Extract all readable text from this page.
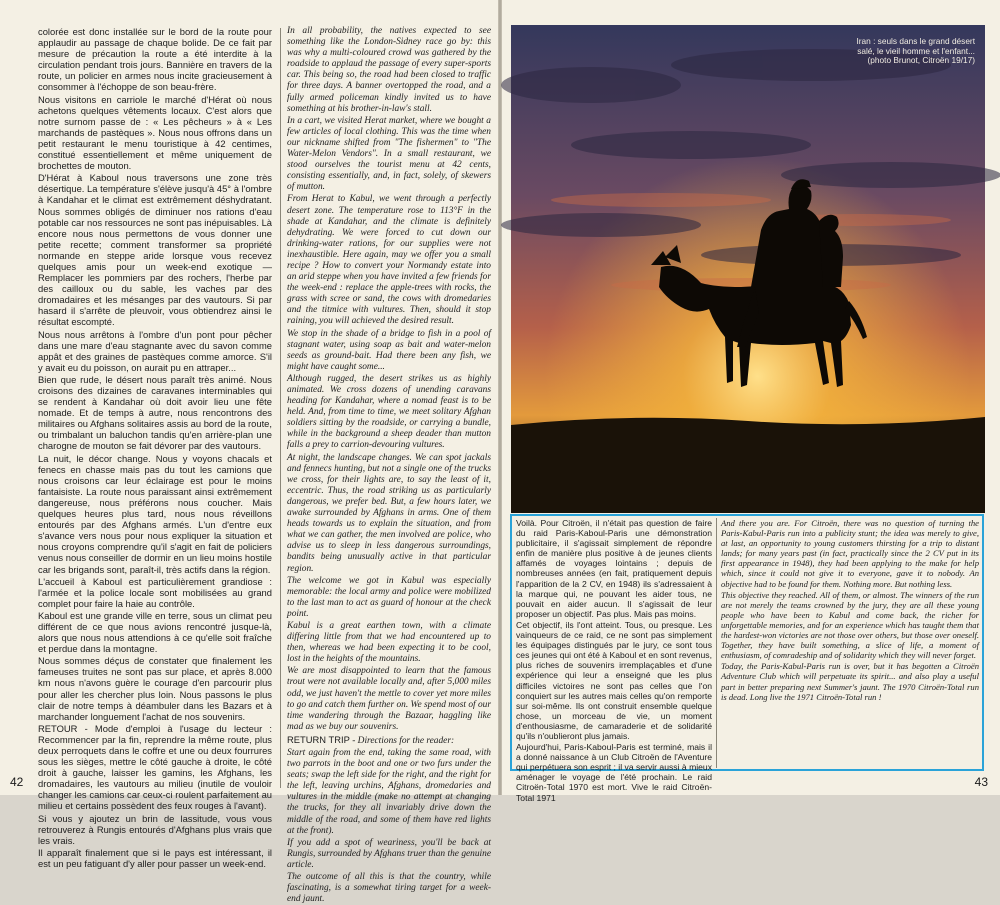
colorée est donc installée sur le bord de la route pour applaudir au passage de chaque bolide. De ce fait par mesure de précaution la route a été interdite à la circulation pendant trois jours. Bannière en travers de la route, un policier en armes nous incite gracieusement à consommer à l'échoppe de son beau-frère.

Nous visitons en carriole le marché d'Hérat où nous achetons quelques vêtements locaux. C'est alors que notre surnom passe de : « Les pêcheurs » à « Les marchands de pastèques ». Nous nous offrons dans un petit restaurant le menu touristique à 42 centimes, constitué essentiellement et même uniquement de brochettes de mouton.

D'Hérat à Kaboul nous traversons une zone très désertique. La température s'élève jusqu'à 45° à l'ombre à Kandahar et le climat est extrêmement déshydratant. Nous sommes obligés de diminuer nos rations d'eau potable car nos ressources ne sont pas inépuisables. Là encore nous nous permettons de vous donner une petite recette; comment transformer sa propriété normande en steppe aride lorsque vous recevez quelques amis pour un week-end exotique — Remplacer les pommiers par des rochers, l'herbe par des cailloux ou du sable, les vaches par des dromadaires et les mésanges par des vautours. Si par hasard il s'arrête de pleuvoir, vous obtiendrez ainsi le résultat escompté.

Nous nous arrêtons à l'ombre d'un pont pour pêcher dans une mare d'eau stagnante avec du savon comme appât et des graines de pastèques comme amorce. S'il y avait eu du poisson, on aurait pu en attraper...

Bien que rude, le désert nous paraît très animé. Nous croisons des dizaines de caravanes interminables qui se rendent à Kandahar où doit avoir lieu une fête nomade. Et de temps à autre, nous rencontrons des militaires ou Afghans solitaires assis au bord de la route, ou trimbalant un baluchon tandis qu'en arrière-plan une charogne de mouton se fait dévorer par des vautours.

La nuit, le décor change. Nous y voyons chacals et fenecs en chasse mais pas du tout les camions que nous croisons car leur éclairage est pour le moins fantaisiste. La route nous paraissant ainsi extrêmement dangereuse, nous préférons nous coucher. Mais quelques heures plus tard, nous nous réveillons entourés par des Afghans armés. L'un d'entre eux s'avance vers nous pour nous expliquer la situation et nous croyons comprendre qu'il s'agit en fait de policiers venus nous conseiller de dormir en un lieu moins hostile car les brigands sont, paraît-il, très actifs dans la région.

L'accueil à Kaboul est particulièrement grandiose : l'armée et la police locale sont mobilisées au grand complet pour faire la haie au contrôle.

Kaboul est une grande ville en terre, sous un climat peu différent de ce que nous avions rencontré jusque-là, alors que nous nous attendions à ce qu'elle soit fraîche et perdue dans la montagne.

Nous sommes déçus de constater que finalement les fameuses truites ne sont pas sur place, et après 8.000 km nous n'avons guère le courage d'en parcourir plus pour aller les chercher plus loin. Nous passons le plus clair de notre temps à déambuler dans les Bazars et à marchander longuement l'achat de nos souvenirs.

RETOUR - Mode d'emploi à l'usage du lecteur : Recommencer par la fin, reprendre la même route, plus deux perroquets dans le coffre et une ou deux fourrures sous les sièges, mettre le côté gauche à droite, le côté droit à gauche, laisser les gamins, les Afghans, les dromadaires, les vautours au milieu (inutile de vouloir changer les camions car ceux-ci roulent parfaitement au milieu et certains possèdent des feux rouges à l'avant).

Si vous y ajoutez un brin de lassitude, vous vous retrouverez à Rungis entourés d'Afghans plus vrais que les vrais.

Il apparaît finalement que si le pays est intéressant, il est un peu fatiguant d'y aller pour passer un week-end.

In all probability, the natives expected to see something like the London-Sidney race go by: this was why a multi-coloured crowd was gathered by the roadside to applaud the passage of every super-sports car. This being so, the road had been closed to traffic for three days. A banner overtopped the road, and a fully armed policeman kindly invited us to have something at his brother-in-law's stall.

In a cart, we visited Herat market, where we bought a few articles of local clothing. This was the time when our nickname shifted from "The fishermen" to "The Water-Melon Vendors". In a small restaurant, we stood ourselves the tourist menu at 42 cents, consisting essentially, and, in fact, solely, of skewers of mutton.

From Herat to Kabul, we went through a perfectly desert zone. The temperature rose to 113°F in the shade at Kandahar, and the climate is definitely dehydrating. We were forced to cut down our drinking-water rations, for our supplies were not inexhaustible. Here again, may we offer you a small recipe ? How to convert your Normandy estate into an arid steppe when you have invited a few friends for the week-end : replace the apple-trees with rocks, the grass with scree or sand, the cows with dromedaries and the titmice with vultures. Then, should it stop raining, you will achieved the desired result.

We stop in the shade of a bridge to fish in a pool of stagnant water, using soap as bait and water-melon seeds as ground-bait. Had there been any fish, we might have caught some...

Although rugged, the desert strikes us as highly animated. We cross dozens of unending caravans heading for Kandahar, where a nomad feast is to be held. And, from time to time, we meet solitary Afghan soldiers sitting by the roadside, or carrying a bundle, while in the background a sheep deader than mutton falls a prey to carrion-devouring vultures.

At night, the landscape changes. We can spot jackals and fennecs hunting, but not a single one of the trucks we cross, for their lights are, to say the least of it, eccentric. Thus, the road striking us as particularly dangerous, we prefer bed. But, a few hours later, we awake surrounded by Afghans in arms. One of them heads towards us to explain the situation, and from what we can gather, the men involved are police, who advise us to sleep in less dangerous surroundings, bandits being unusually active in that particular region.

The welcome we got in Kabul was especially memorable: the local army and police were mobilized to the last man to act as guard of honour at the check point.

Kabul is a great earthen town, with a climate differing little from that we had encountered up to then, whereas we had been expecting it to be cool, lost in the heights of the mountains.

We are most disappointed to learn that the famous trout were not available locally and, after 5,000 miles odd, we just haven't the mettle to cover yet more miles to go and catch them further on. We spend most of our time wandering through the Bazaar, haggling like mad as we buy our souvenirs.

RETURN TRIP - Directions for the reader:

Start again from the end, taking the same road, with two parrots in the boot and one or two furs under the seats; swap the left side for the right, and the right for the left, leaving urchins, Afghans, dromedaries and vultures in the middle (make no attempt at changing the trucks, for they all invariably drive down the middle of the road, and some of them have red lights at the front).

If you add a spot of weariness, you'll be back at Rungis, surrounded by Afghans truer than the genuine article.

The outcome of all this is that the country, while fascinating, is a somewhat tiring target for a week-end jaunt.

42	43
Iran : seuls dans le grand désert
salé, le vieil homme et l'enfant...
(photo Brunot, Citroën 19/17)

Voilà. Pour Citroën, il n'était pas question de faire du raid Paris-Kaboul-Paris une démonstration publicitaire, il s'agissait simplement de répondre enfin de manière plus positive à de jeunes clients affamés de voyages lointains ; depuis de nombreuses années (en fait, pratiquement depuis l'apparition de la 2 CV, en 1948) ils s'adressaient à la marque qui, ne pouvant les aider tous, ne pouvait en aider aucun. Il s'agissait de leur proposer un objectif. Pas plus. Mais pas moins.

Cet objectif, ils l'ont atteint. Tous, ou presque. Les vainqueurs de ce raid, ce ne sont pas simplement les équipages distingués par le jury, ce sont tous ces jeunes qui ont été à Kaboul et en sont revenus, plus riches de souvenirs irremplaçables et d'une expérience qui leur a enseigné que les plus difficiles victoires ne sont pas celles que l'on conquiert sur les autres mais celles qu'on remporte sur soi-même. Ils ont construit ensemble quelque chose, un morceau de vie, un moment d'enthousiasme, de camaraderie et de solidarité qu'ils n'oublieront plus jamais.

Aujourd'hui, Paris-Kaboul-Paris est terminé, mais il a donné naissance à un Club Citroën de l'Aventure qui perpétuera son esprit ; il va servir aussi à mieux aménager le voyage de l'été prochain. Le raid Citroën-Total 1970 est mort. Vive le raid Citroën-Total 1971

And there you are. For Citroën, there was no question of turning the Paris-Kabul-Paris run into a publicity stunt; the idea was merely to give, at last, an opportunity to young customers thirsting for a trip to distant lands; for many years past (in fact, practically since the 2 CV put in its first appearance in 1948), they had been applying to the make for help which, since it could not give it to everyone, gave it to nobody. An objective had to be found for them. Nothing more. But nothing less.

This objective they reached. All of them, or almost. The winners of the run are not merely the teams crowned by the jury, they are all these young people who have been to Kabul and come back, the richer for unforgettable memories, and for an experience which has taught them that the hardest-won victories are not those over others, but those over oneself. Together, they have built something, a slice of life, a moment of enthusiasm, of comradeship and of solidarity which they will never forget.

Today, the Paris-Kabul-Paris run is over, but it has begotten a Citroën Adventure Club which will perpetuate its spirit... and also play a useful part in better preparing next Summer's jaunt. The 1970 Citroën-Total run is dead. Long live the 1971 Citroën-Total run !
